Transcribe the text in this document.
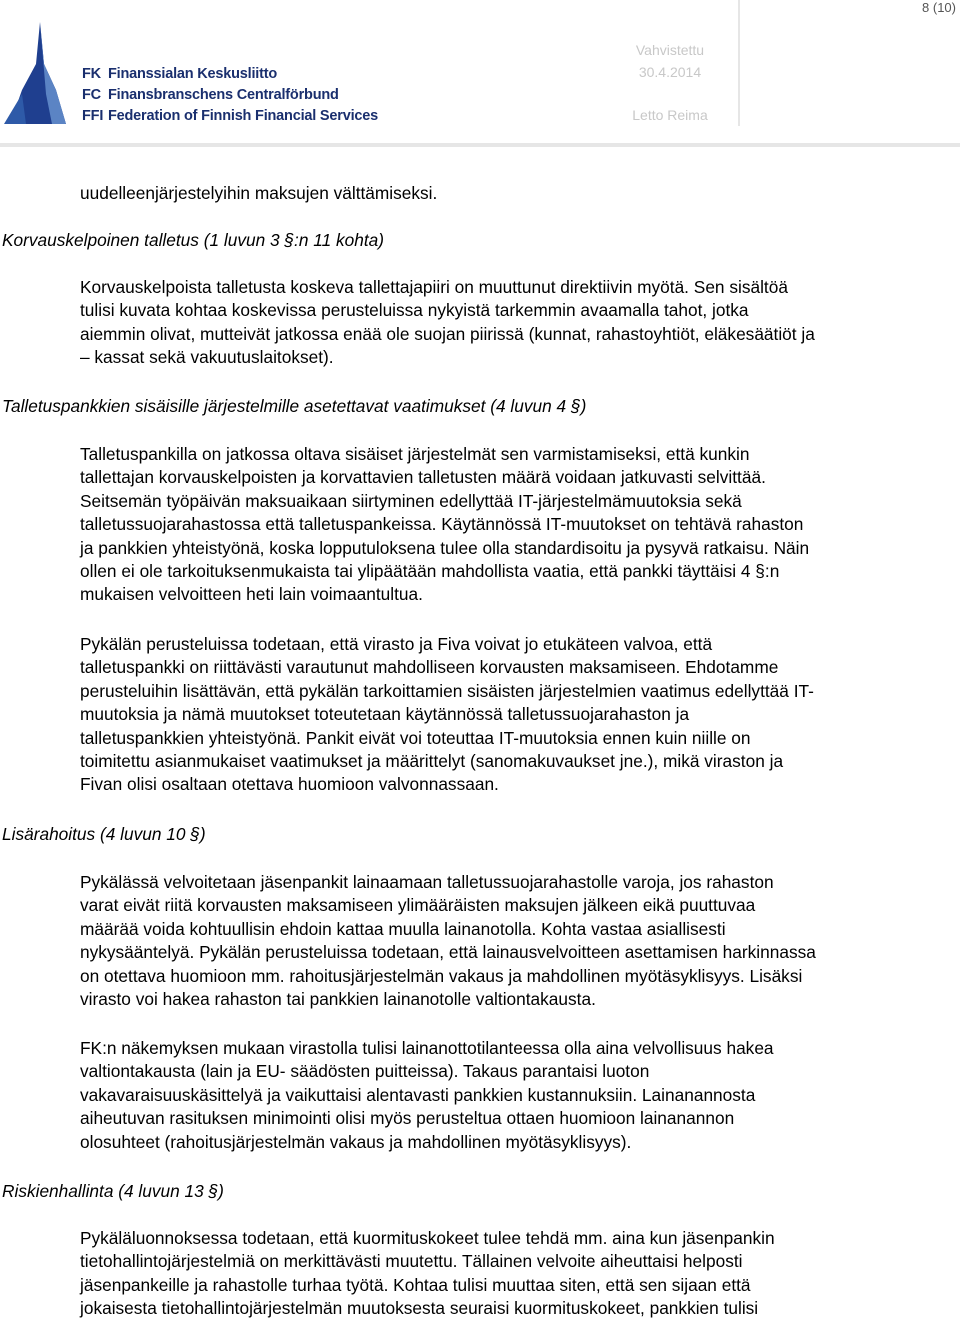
8 (10)
FK Finanssialan Keskusliitto
FC Finansbranschens Centralförbund
FFI Federation of Finnish Financial Services
Vahvistettu
30.4.2014
Letto Reima

uudelleenjärjestelyihin maksujen välttämiseksi.

Korvauskelpoinen talletus (1 luvun 3 §:n 11 kohta)

Korvauskelpoista talletusta koskeva tallettajapiiri on muuttunut direktiivin myötä. Sen sisältöä

tulisi kuvata kohtaa koskevissa perusteluissa nykyistä tarkemmin avaamalla tahot, jotka

aiemmin olivat, mutteivät jatkossa enää ole suojan piirissä (kunnat, rahastoyhtiöt, eläkesäätiöt ja

– kassat sekä vakuutuslaitokset).

Talletuspankkien sisäisille järjestelmille asetettavat vaatimukset (4 luvun 4 §)

Talletuspankilla on jatkossa oltava sisäiset järjestelmät sen varmistamiseksi, että kunkin

tallettajan korvauskelpoisten ja korvattavien talletusten määrä voidaan jatkuvasti selvittää.

Seitsemän työpäivän maksuaikaan siirtyminen edellyttää IT-järjestelmämuutoksia sekä

talletussuojarahastossa että talletuspankeissa. Käytännössä IT-muutokset on tehtävä rahaston

ja pankkien yhteistyönä, koska lopputuloksena tulee olla standardisoitu ja pysyvä ratkaisu. Näin

ollen ei ole tarkoituksenmukaista tai ylipäätään mahdollista vaatia, että pankki täyttäisi 4 §:n

mukaisen velvoitteen heti lain voimaantultua.

Pykälän perusteluissa todetaan, että virasto ja Fiva voivat jo etukäteen valvoa, että

talletuspankki on riittävästi varautunut mahdolliseen korvausten maksamiseen. Ehdotamme

perusteluihin lisättävän, että pykälän tarkoittamien sisäisten järjestelmien vaatimus edellyttää IT-

muutoksia ja nämä muutokset toteutetaan käytännössä talletussuojarahaston ja

talletuspankkien yhteistyönä. Pankit eivät voi toteuttaa IT-muutoksia ennen kuin niille on

toimitettu asianmukaiset vaatimukset ja määrittelyt (sanomakuvaukset jne.), mikä viraston ja

Fivan olisi osaltaan otettava huomioon valvonnassaan.

Lisärahoitus (4 luvun 10 §)

Pykälässä velvoitetaan jäsenpankit lainaamaan talletussuojarahastolle varoja, jos rahaston

varat eivät riitä korvausten maksamiseen ylimääräisten maksujen jälkeen eikä puuttuvaa

määrää voida kohtuullisin ehdoin kattaa muulla lainanotolla. Kohta vastaa asiallisesti

nykysääntelyä. Pykälän perusteluissa todetaan, että lainausvelvoitteen asettamisen harkinnassa

on otettava huomioon mm. rahoitusjärjestelmän vakaus ja mahdollinen myötäsyklisyys. Lisäksi

virasto voi hakea rahaston tai pankkien lainanotolle valtiontakausta.

FK:n näkemyksen mukaan virastolla tulisi lainanottotilanteessa olla aina velvollisuus hakea

valtiontakausta (lain ja EU- säädösten puitteissa). Takaus parantaisi luoton

vakavaraisuuskäsittelyä ja vaikuttaisi alentavasti pankkien kustannuksiin. Lainanannosta

aiheutuvan rasituksen minimointi olisi myös perusteltua ottaen huomioon lainanannon

olosuhteet (rahoitusjärjestelmän vakaus ja mahdollinen myötäsyklisyys).

Riskienhallinta (4 luvun 13 §)

Pykäläluonnoksessa todetaan, että kuormituskokeet tulee tehdä mm. aina kun jäsenpankin

tietohallintojärjestelmiä on merkittävästi muutettu. Tällainen velvoite aiheuttaisi helposti

jäsenpankeille ja rahastolle turhaa työtä. Kohtaa tulisi muuttaa siten, että sen sijaan että

jokaisesta tietohallintojärjestelmän muutoksesta seuraisi kuormituskokeet, pankkien tulisi
